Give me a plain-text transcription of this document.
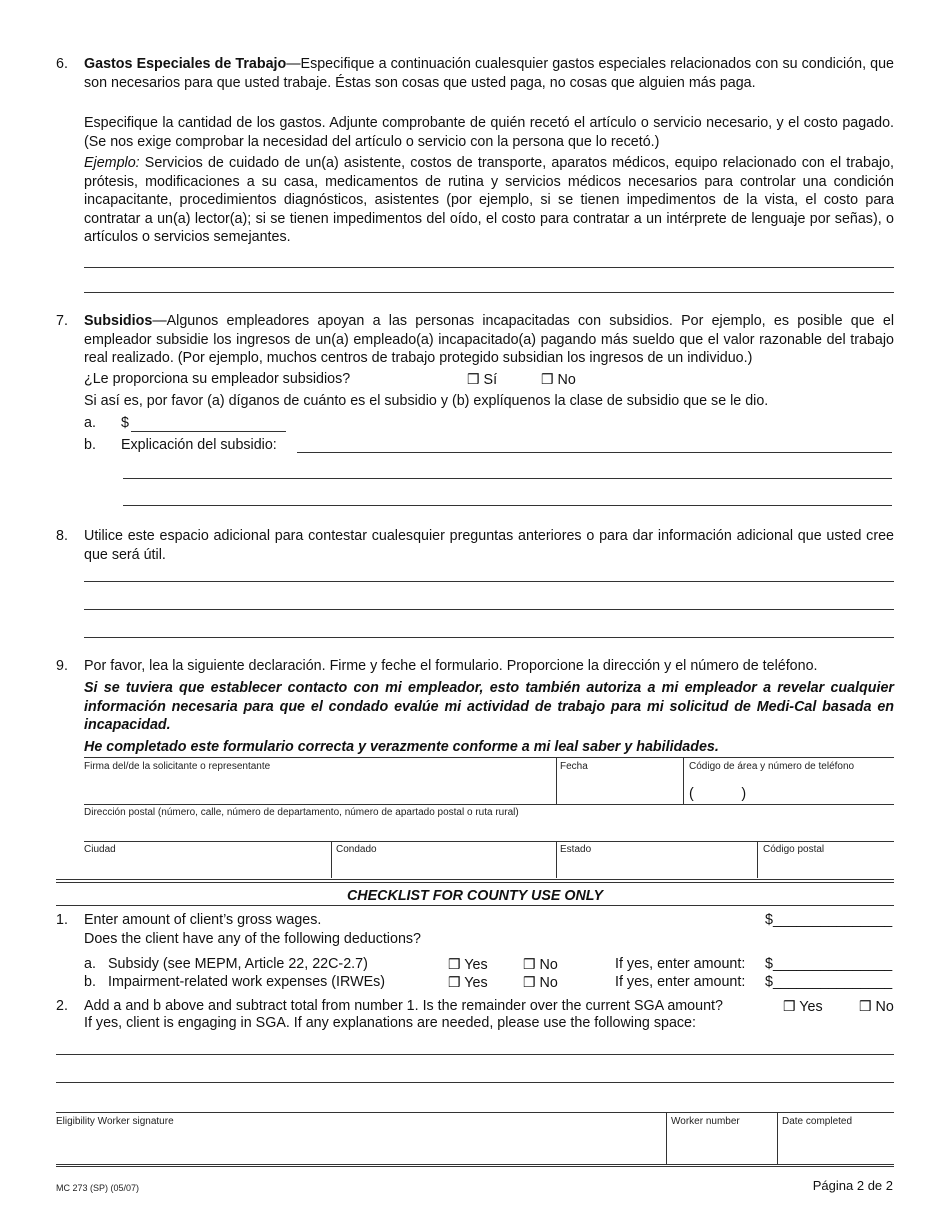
6. Gastos Especiales de Trabajo—Especifique a continuación cualesquier gastos especiales relacionados con su condición, que son necesarios para que usted trabaje. Éstas son cosas que usted paga, no cosas que alguien más paga.
Especifique la cantidad de los gastos. Adjunte comprobante de quién recetó el artículo o servicio necesario, y el costo pagado. (Se nos exige comprobar la necesidad del artículo o servicio con la persona que lo recetó.)
Ejemplo: Servicios de cuidado de un(a) asistente, costos de transporte, aparatos médicos, equipo relacionado con el trabajo, prótesis, modificaciones a su casa, medicamentos de rutina y servicios médicos necesarios para controlar una condición incapacitante, procedimientos diagnósticos, asistentes (por ejemplo, si se tienen impedimentos de la vista, el costo para contratar a un(a) lector(a); si se tienen impedimentos del oído, el costo para contratar a un intérprete de lenguaje por señas), o artículos o servicios semejantes.
7. Subsidios—Algunos empleadores apoyan a las personas incapacitadas con subsidios. Por ejemplo, es posible que el empleador subsidie los ingresos de un(a) empleado(a) incapacitado(a) pagando más sueldo que el valor razonable del trabajo real realizado. (Por ejemplo, muchos centros de trabajo protegido subsidian los ingresos de un individuo.)
¿Le proporciona su empleador subsidios?	❒ Sí	❒ No
Si así es, por favor (a) díganos de cuánto es el subsidio y (b) explíquenos la clase de subsidio que se le dio.
a. $
b. Explicación del subsidio:
8. Utilice este espacio adicional para contestar cualesquier preguntas anteriores o para dar información adicional que usted cree que será útil.
9. Por favor, lea la siguiente declaración. Firme y feche el formulario. Proporcione la dirección y el número de teléfono.
Si se tuviera que establecer contacto con mi empleador, esto también autoriza a mi empleador a revelar cualquier información necesaria para que el condado evalúe mi actividad de trabajo para mi solicitud de Medi-Cal basada en incapacidad.
He completado este formulario correcta y verazmente conforme a mi leal saber y habilidades.
Firma del/de la solicitante o representante	Fecha	Código de área y número de teléfono
(            )
Dirección postal (número, calle, número de departamento, número de apartado postal o ruta rural)
Ciudad	Condado	Estado	Código postal
CHECKLIST FOR COUNTY USE ONLY
1. Enter amount of client’s gross wages.	$_______________
Does the client have any of the following deductions?
a. Subsidy (see MEPM, Article 22, 22C-2.7)	❒ Yes	❒ No	If yes, enter amount: $_______________
b. Impairment-related work expenses (IRWEs)	❒ Yes	❒ No	If yes, enter amount: $_______________
2. Add a and b above and subtract total from number 1. Is the remainder over the current SGA amount?	❒ Yes	❒ No
If yes, client is engaging in SGA. If any explanations are needed, please use the following space:
Eligibility Worker signature	Worker number	Date completed
MC 273 (SP) (05/07)	Página 2 de 2
